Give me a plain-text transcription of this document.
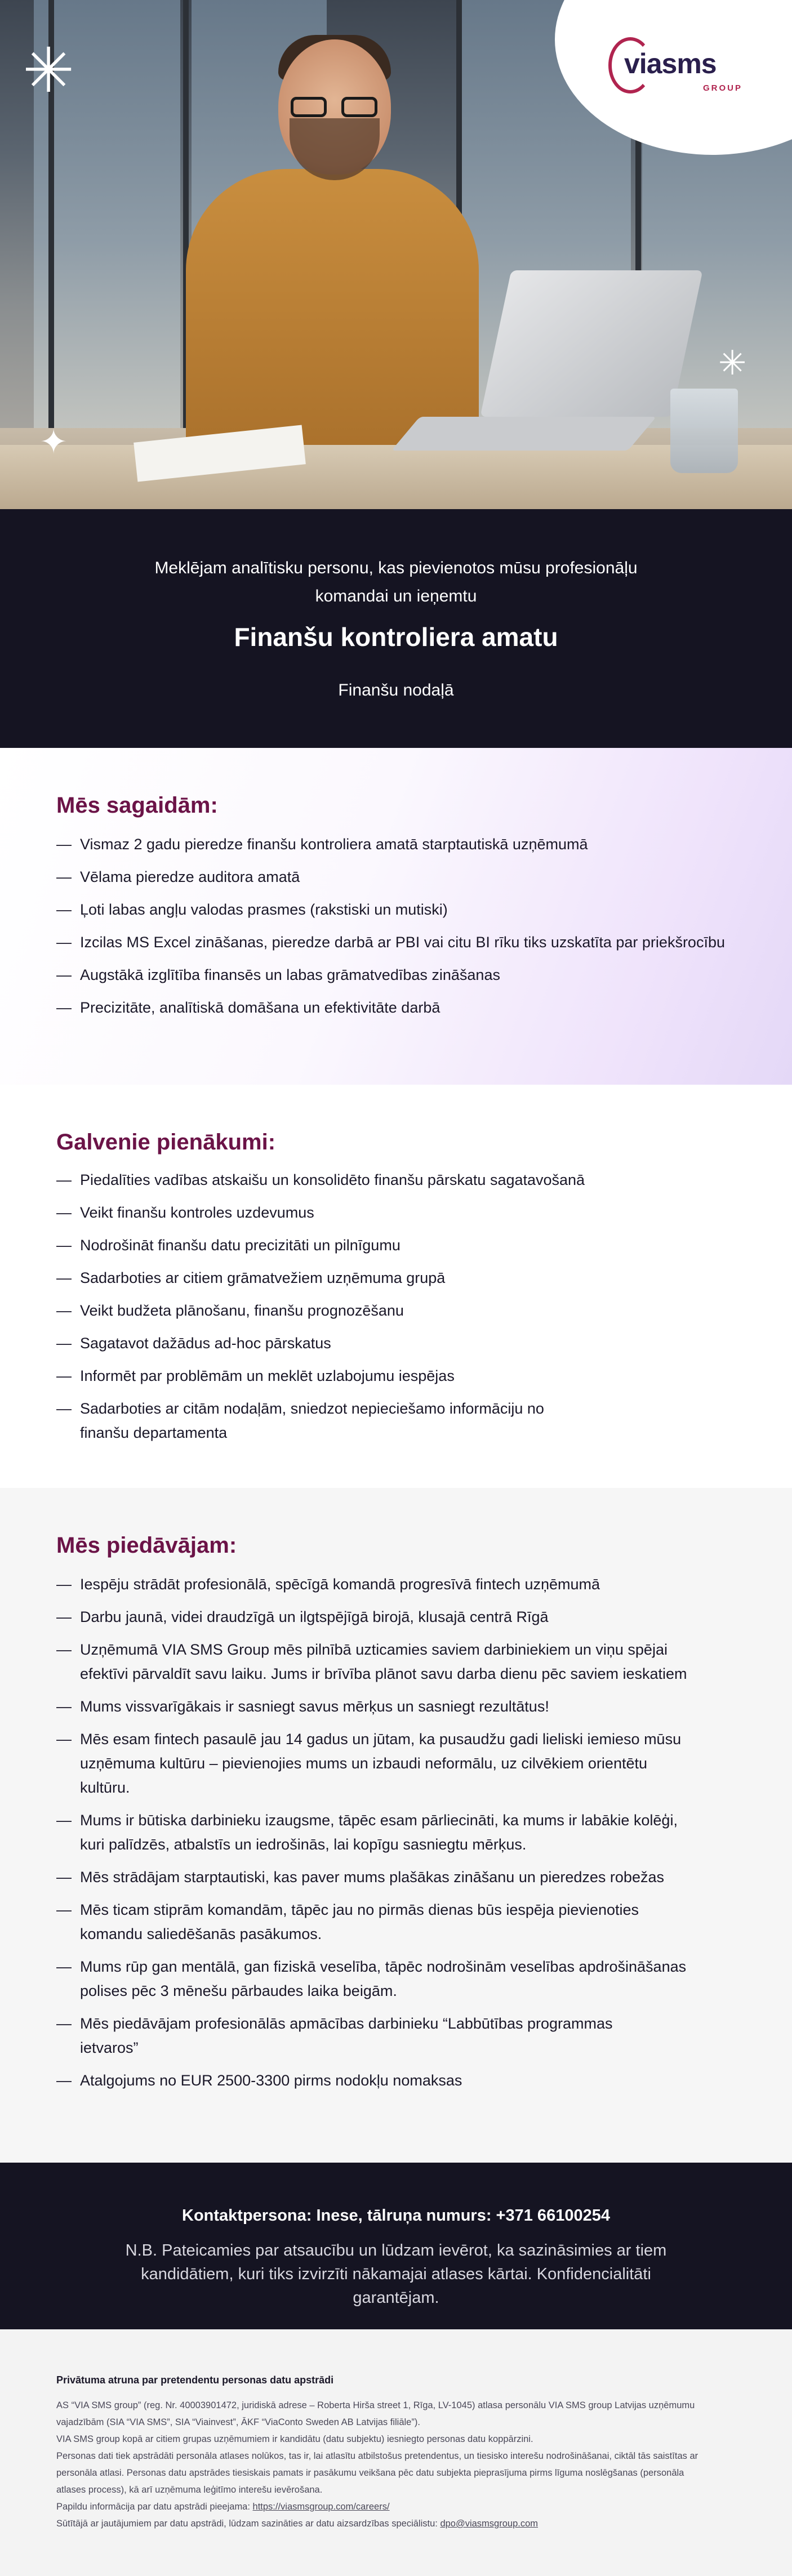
✳
✳
✦
viasms
GROUP
Meklējam analītisku personu, kas pievienotos mūsu profesionāļu komandai un ieņemtu
Finanšu kontroliera amatu
Finanšu nodaļā
Mēs sagaidām:
— Vismaz 2 gadu pieredze finanšu kontroliera amatā starptautiskā uzņēmumā
— Vēlama pieredze auditora amatā
— Ļoti labas angļu valodas prasmes (rakstiski un mutiski)
— Izcilas MS Excel zināšanas, pieredze darbā ar PBI vai citu BI rīku tiks uzskatīta par priekšrocību
— Augstākā izglītība finansēs un labas grāmatvedības zināšanas
— Precizitāte, analītiskā domāšana un efektivitāte darbā
Galvenie pienākumi:
— Piedalīties vadības atskaišu un konsolidēto finanšu pārskatu sagatavošanā
— Veikt finanšu kontroles uzdevumus
— Nodrošināt finanšu datu precizitāti un pilnīgumu
— Sadarboties ar citiem grāmatvežiem uzņēmuma grupā
— Veikt budžeta plānošanu, finanšu prognozēšanu
— Sagatavot dažādus ad-hoc pārskatus
— Informēt par problēmām un meklēt uzlabojumu iespējas
— Sadarboties ar citām nodaļām, sniedzot nepieciešamo informāciju no finanšu departamenta
Mēs piedāvājam:
— Iespēju strādāt profesionālā, spēcīgā komandā progresīvā fintech uzņēmumā
— Darbu jaunā, videi draudzīgā un ilgtspējīgā birojā, klusajā centrā Rīgā
— Uzņēmumā VIA SMS Group mēs pilnībā uzticamies saviem darbiniekiem un viņu spējai efektīvi pārvaldīt savu laiku. Jums ir brīvība plānot savu darba dienu pēc saviem ieskatiem
— Mums vissvarīgākais ir sasniegt savus mērķus un sasniegt rezultātus!
— Mēs esam fintech pasaulē jau 14 gadus un jūtam, ka pusaudžu gadi lieliski iemieso mūsu uzņēmuma kultūru – pievienojies mums un izbaudi neformālu, uz cilvēkiem orientētu kultūru.
— Mums ir būtiska darbinieku izaugsme, tāpēc esam pārliecināti, ka mums ir labākie kolēģi, kuri palīdzēs, atbalstīs un iedrošinās, lai kopīgu sasniegtu mērķus.
— Mēs strādājam starptautiski, kas paver mums plašākas zināšanu un pieredzes robežas
— Mēs ticam stiprām komandām, tāpēc jau no pirmās dienas būs iespēja pievienoties komandu saliedēšanās pasākumos.
— Mums rūp gan mentālā, gan fiziskā veselība, tāpēc nodrošinām veselības apdrošināšanas polises pēc 3 mēnešu pārbaudes laika beigām.
— Mēs piedāvājam profesionālās apmācības darbinieku “Labbūtības programmas ietvaros”
— Atalgojums no EUR 2500-3300 pirms nodokļu nomaksas
Kontaktpersona: Inese, tālruņa numurs: +371 66100254
N.B. Pateicamies par atsaucību un lūdzam ievērot, ka sazināsimies ar tiem kandidātiem, kuri tiks izvirzīti nākamajai atlases kārtai. Konfidencialitāti garantējam.
Privātuma atruna par pretendentu personas datu apstrādi
AS “VIA SMS group” (reg. Nr. 40003901472, juridiskā adrese – Roberta Hirša street 1, Rīga, LV-1045) atlasa personālu VIA SMS group Latvijas uzņēmumu vajadzībām (SIA “VIA SMS”, SIA “Viainvest”, ĀKF “ViaConto Sweden AB Latvijas filiāle”).
VIA SMS group kopā ar citiem grupas uzņēmumiem ir kandidātu (datu subjektu) iesniegto personas datu koppārzini.
Personas dati tiek apstrādāti personāla atlases nolūkos, tas ir, lai atlasītu atbilstošus pretendentus, un tiesisko interešu nodrošināšanai, ciktāl tās saistītas ar personāla atlasi. Personas datu apstrādes tiesiskais pamats ir pasākumu veikšana pēc datu subjekta pieprasījuma pirms līguma noslēgšanas (personāla atlases process), kā arī uzņēmuma leģitīmo interešu ievērošana.
Papildu informācija par datu apstrādi pieejama: https://viasmsgroup.com/careers/
Sūtītājā ar jautājumiem par datu apstrādi, lūdzam sazināties ar datu aizsardzības speciālistu: dpo@viasmsgroup.com
